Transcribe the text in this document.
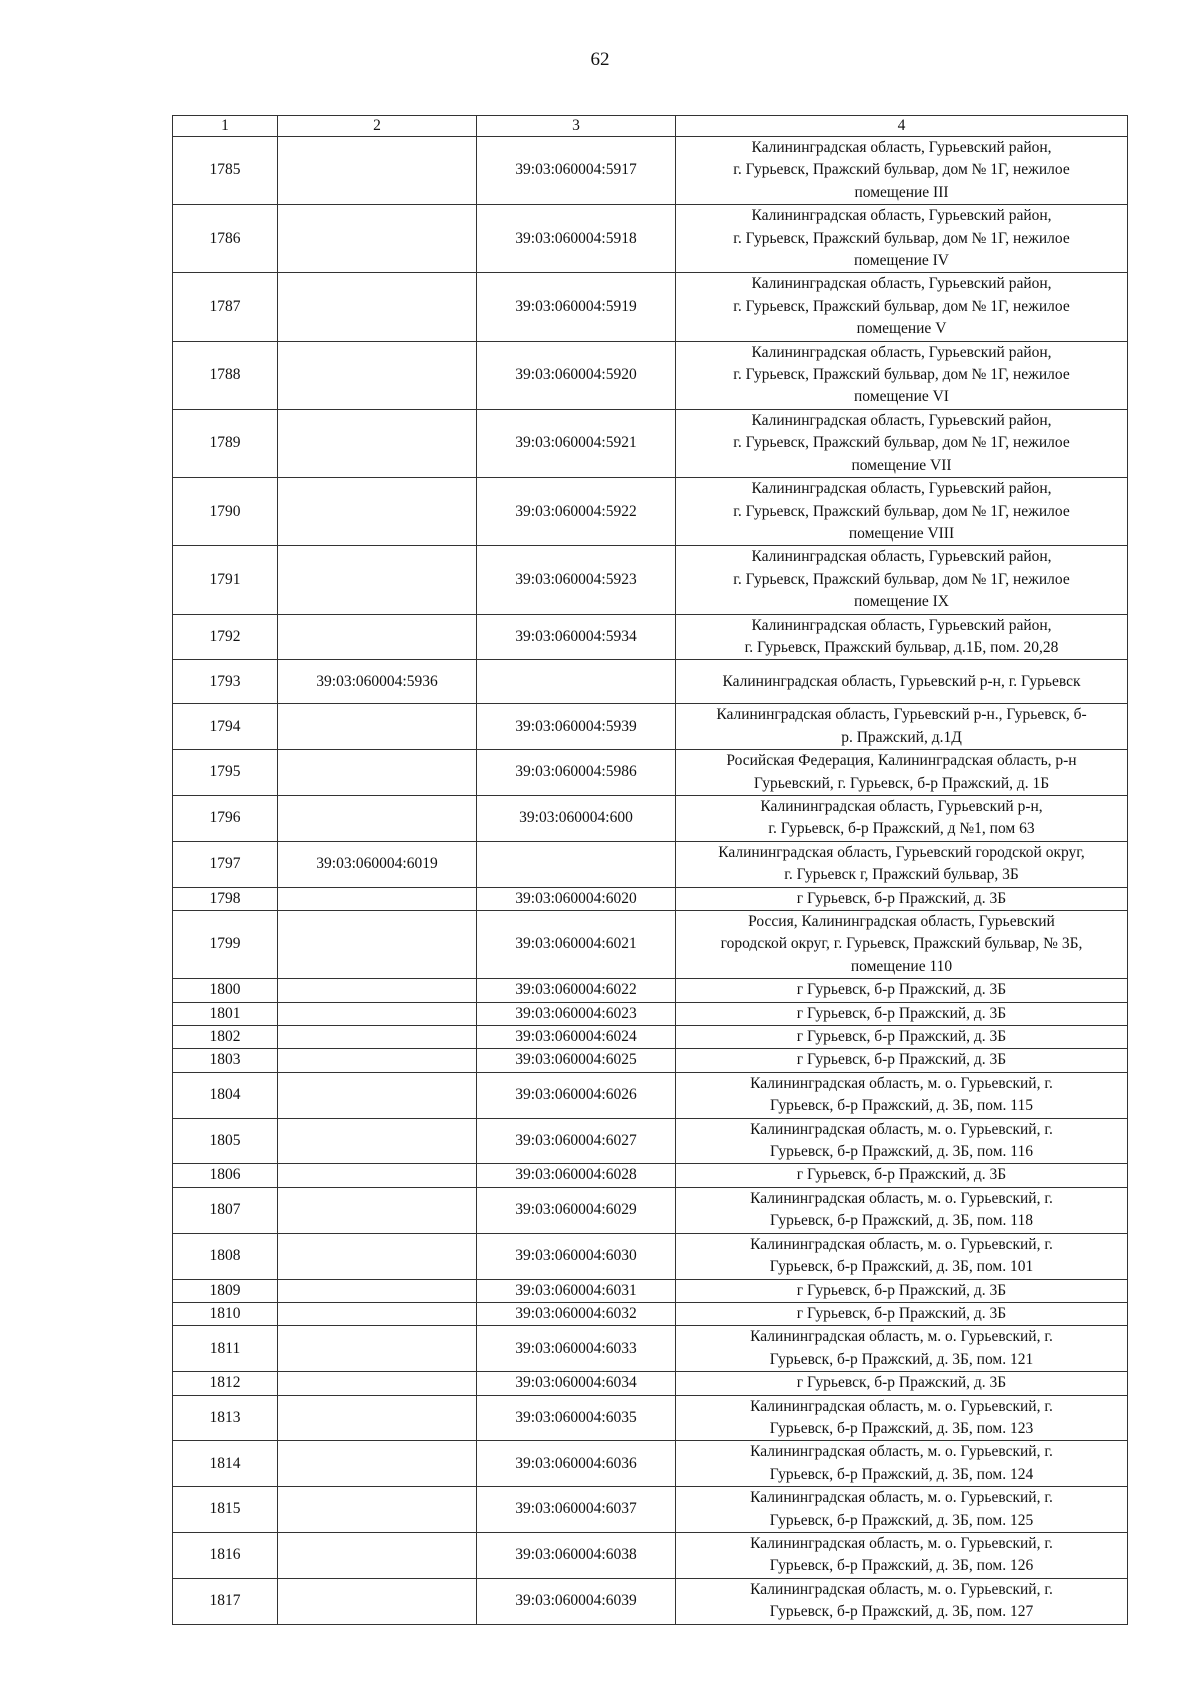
62
1	2	3	4
1785		39:03:060004:5917	Калининградская область, Гурьевский район,
г. Гурьевск, Пражский бульвар, дом № 1Г, нежилое
помещение III

1786		39:03:060004:5918	Калининградская область, Гурьевский район,
г. Гурьевск, Пражский бульвар, дом № 1Г, нежилое
помещение IV

1787		39:03:060004:5919	Калининградская область, Гурьевский район,
г. Гурьевск, Пражский бульвар, дом № 1Г, нежилое
помещение V

1788		39:03:060004:5920	Калининградская область, Гурьевский район,
г. Гурьевск, Пражский бульвар, дом № 1Г, нежилое
помещение VI

1789		39:03:060004:5921	Калининградская область, Гурьевский район,
г. Гурьевск, Пражский бульвар, дом № 1Г, нежилое
помещение VII

1790		39:03:060004:5922	Калининградская область, Гурьевский район,
г. Гурьевск, Пражский бульвар, дом № 1Г, нежилое
помещение VIII

1791		39:03:060004:5923	Калининградская область, Гурьевский район,
г. Гурьевск, Пражский бульвар, дом № 1Г, нежилое
помещение IX

1792		39:03:060004:5934	Калининградская область, Гурьевский район,
г. Гурьевск, Пражский бульвар, д.1Б, пом. 20,28

1793	39:03:060004:5936		Калининградская область, Гурьевский р-н, г. Гурьевск

1794		39:03:060004:5939	Калининградская область, Гурьевский р-н., Гурьевск, б-
р. Пражский, д.1Д

1795		39:03:060004:5986	Росийская Федерация, Калининградская область, р-н
Гурьевский, г. Гурьевск, б-р Пражский, д. 1Б

1796		39:03:060004:600	Калининградская область, Гурьевский р-н,
г. Гурьевск, б-р Пражский, д №1, пом 63

1797	39:03:060004:6019		Калининградская область, Гурьевский городской округ,
г. Гурьевск г, Пражский бульвар, 3Б

1798		39:03:060004:6020	г Гурьевск, б-р Пражский, д. 3Б

1799		39:03:060004:6021	Россия, Калининградская область, Гурьевский
городской округ, г. Гурьевск, Пражский бульвар, № 3Б,
помещение 110

1800		39:03:060004:6022	г Гурьевск, б-р Пражский, д. 3Б

1801		39:03:060004:6023	г Гурьевск, б-р Пражский, д. 3Б

1802		39:03:060004:6024	г Гурьевск, б-р Пражский, д. 3Б

1803		39:03:060004:6025	г Гурьевск, б-р Пражский, д. 3Б

1804		39:03:060004:6026	Калининградская область, м. о. Гурьевский, г.
Гурьевск, б-р Пражский, д. 3Б, пом. 115

1805		39:03:060004:6027	Калининградская область, м. о. Гурьевский, г.
Гурьевск, б-р Пражский, д. 3Б, пом. 116

1806		39:03:060004:6028	г Гурьевск, б-р Пражский, д. 3Б

1807		39:03:060004:6029	Калининградская область, м. о. Гурьевский, г.
Гурьевск, б-р Пражский, д. 3Б, пом. 118

1808		39:03:060004:6030	Калининградская область, м. о. Гурьевский, г.
Гурьевск, б-р Пражский, д. 3Б, пом. 101

1809		39:03:060004:6031	г Гурьевск, б-р Пражский, д. 3Б

1810		39:03:060004:6032	г Гурьевск, б-р Пражский, д. 3Б

1811		39:03:060004:6033	Калининградская область, м. о. Гурьевский, г.
Гурьевск, б-р Пражский, д. 3Б, пом. 121

1812		39:03:060004:6034	г Гурьевск, б-р Пражский, д. 3Б

1813		39:03:060004:6035	Калининградская область, м. о. Гурьевский, г.
Гурьевск, б-р Пражский, д. 3Б, пом. 123

1814		39:03:060004:6036	Калининградская область, м. о. Гурьевский, г.
Гурьевск, б-р Пражский, д. 3Б, пом. 124

1815		39:03:060004:6037	Калининградская область, м. о. Гурьевский, г.
Гурьевск, б-р Пражский, д. 3Б, пом. 125

1816		39:03:060004:6038	Калининградская область, м. о. Гурьевский, г.
Гурьевск, б-р Пражский, д. 3Б, пом. 126

1817		39:03:060004:6039	Калининградская область, м. о. Гурьевский, г.
Гурьевск, б-р Пражский, д. 3Б, пом. 127
